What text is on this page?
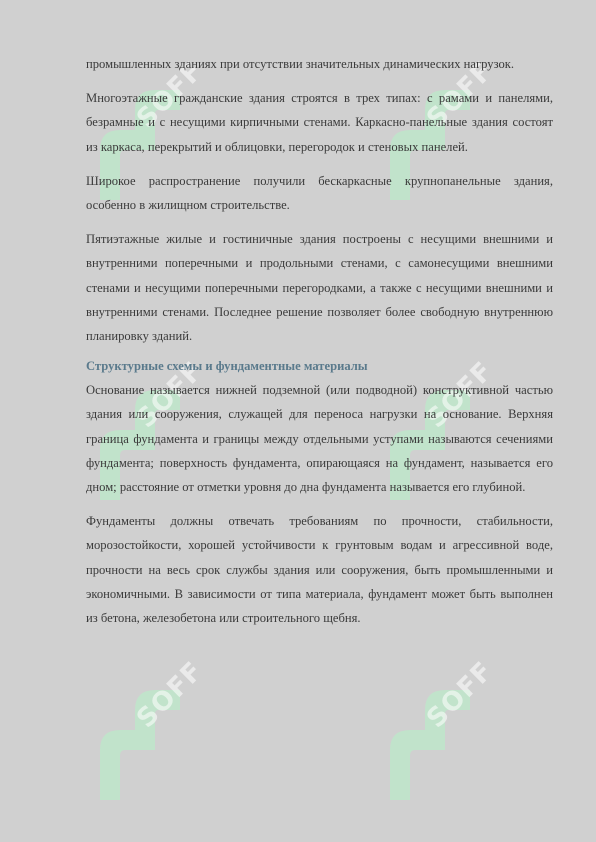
SOFF	SOFF
SOFF	SOFF
SOFF	SOFF

промышленных зданиях при отсутствии значительных динамических нагрузок.

Многоэтажные гражданские здания строятся в трех типах: с рамами и панелями, безрамные и с несущими кирпичными стенами. Каркасно-панельные здания состоят из каркаса, перекрытий и облицовки, перегородок и стеновых панелей.

Широкое распространение получили бескаркасные крупнопанельные здания, особенно в жилищном строительстве.

Пятиэтажные жилые и гостиничные здания построены с несущими внешними и внутренними поперечными и продольными стенами, с самонесущими внешними стенами и несущими поперечными перегородками, а также с несущими внешними и внутренними стенами. Последнее решение позволяет более свободную внутреннюю планировку зданий.

Структурные схемы и фундаментные материалы

Основание называется нижней подземной (или подводной) конструктивной частью здания или сооружения, служащей для переноса нагрузки на основание. Верхняя граница фундамента и границы между отдельными уступами называются сечениями фундамента; поверхность фундамента, опирающаяся на фундамент, называется его дном; расстояние от отметки уровня до дна фундамента называется его глубиной.

Фундаменты должны отвечать требованиям по прочности, стабильности, морозостойкости, хорошей устойчивости к грунтовым водам и агрессивной воде, прочности на весь срок службы здания или сооружения, быть промышленными и экономичными. В зависимости от типа материала, фундамент может быть выполнен из бетона, железобетона или строительного щебня.
